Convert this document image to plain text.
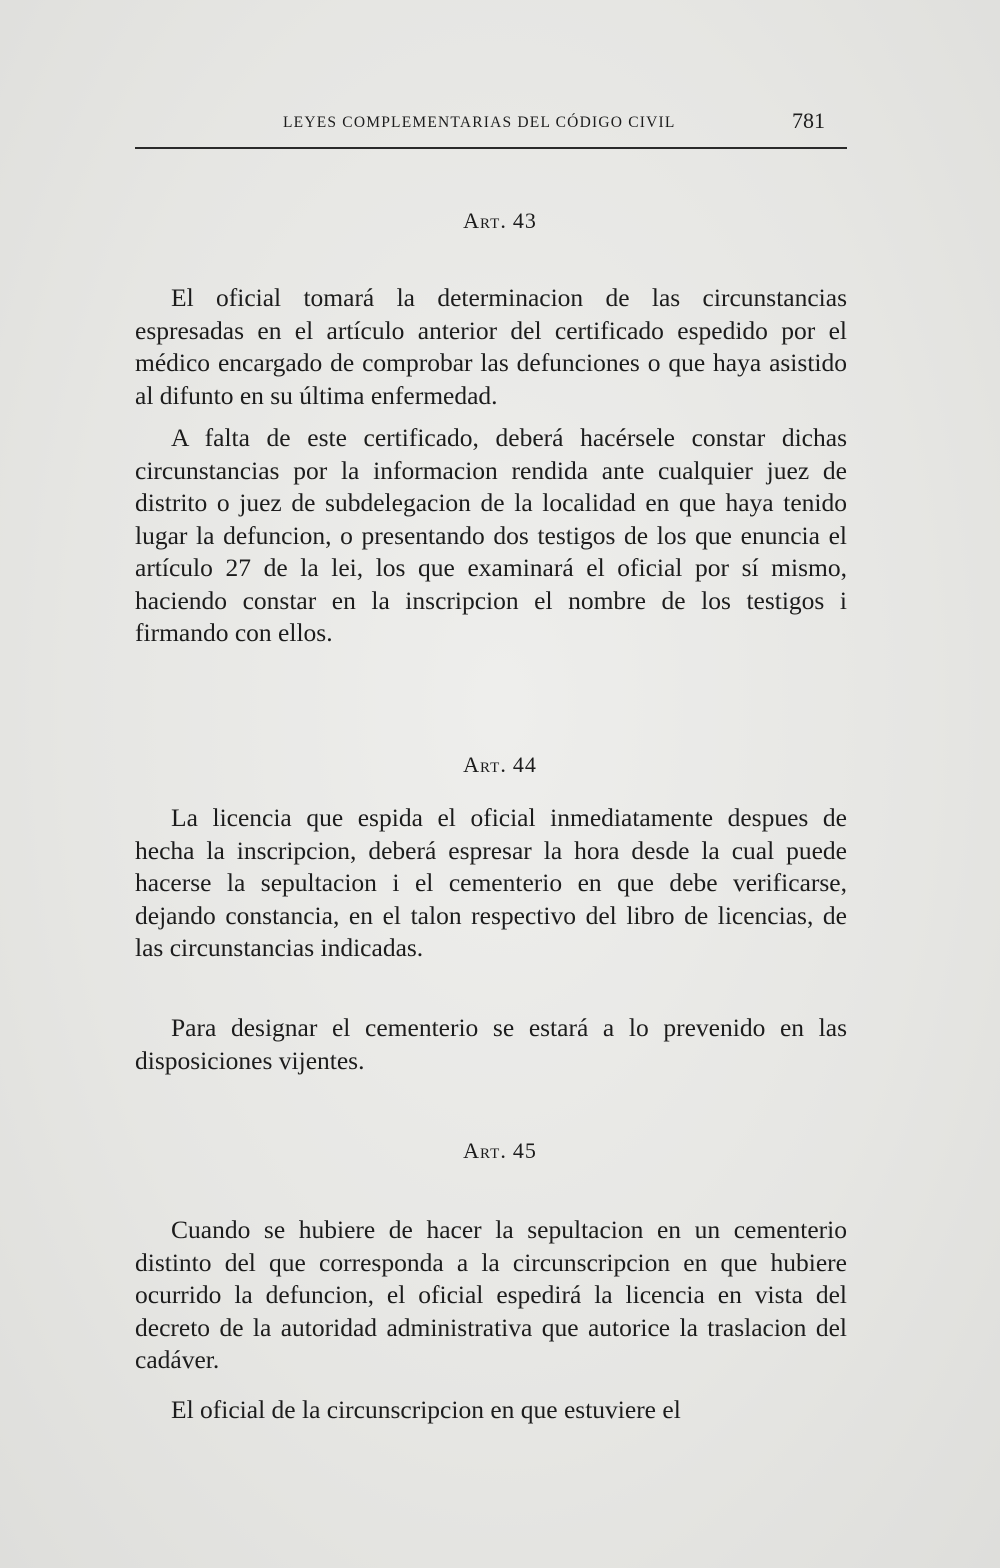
LEYES COMPLEMENTARIAS DEL CÓDIGO CIVIL	781
Art. 43

El oficial tomará la determinacion de las circunstancias espresadas en el artículo anterior del certificado espedido por el médico encargado de comprobar las defunciones o que haya asistido al difunto en su última enfermedad.

A falta de este certificado, deberá hacérsele constar dichas circunstancias por la informacion rendida ante cualquier juez de distrito o juez de subdelegacion de la localidad en que haya tenido lugar la defuncion, o presentando dos testigos de los que enuncia el artículo 27 de la lei, los que examinará el oficial por sí mismo, haciendo constar en la inscripcion el nombre de los testigos i firmando con ellos.

Art. 44

La licencia que espida el oficial inmediatamente despues de hecha la inscripcion, deberá espresar la hora desde la cual puede hacerse la sepultacion i el cementerio en que debe verificarse, dejando constancia, en el talon respectivo del libro de licencias, de las circunstancias indicadas.

Para designar el cementerio se estará a lo prevenido en las disposiciones vijentes.

Art. 45

Cuando se hubiere de hacer la sepultacion en un cementerio distinto del que corresponda a la circunscripcion en que hubiere ocurrido la defuncion, el oficial espedirá la licencia en vista del decreto de la autoridad administrativa que autorice la traslacion del cadáver.

El oficial de la circunscripcion en que estuviere el
